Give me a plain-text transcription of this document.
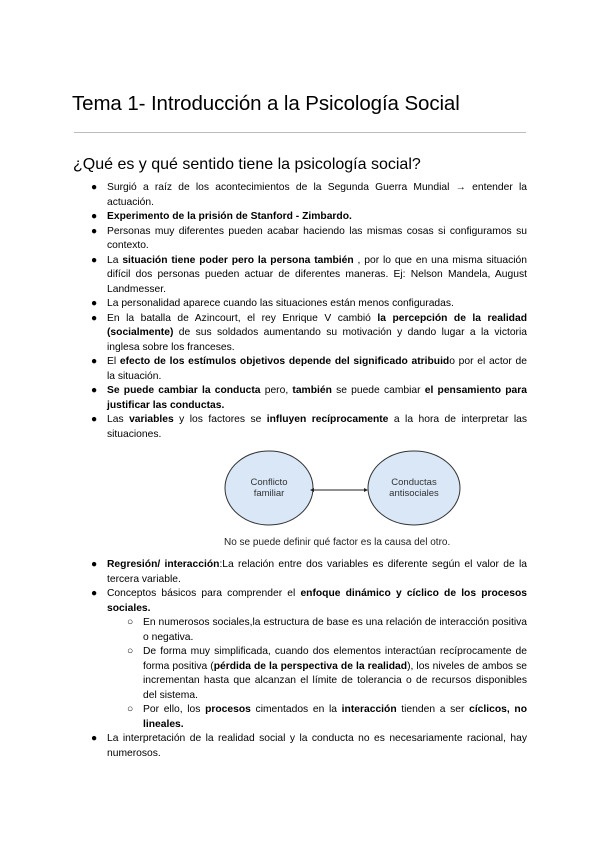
Tema 1- Introducción a la Psicología Social
¿Qué es y qué sentido tiene la psicología social?
● Surgió a raíz de los acontecimientos de la Segunda Guerra Mundial → entender la actuación.
● Experimento de la prisión de Stanford - Zimbardo.
● Personas muy diferentes pueden acabar haciendo las mismas cosas si configuramos su contexto.
● La situación tiene poder pero la persona también , por lo que en una misma situación difícil dos personas pueden actuar de diferentes maneras. Ej: Nelson Mandela, August Landmesser.
● La personalidad aparece cuando las situaciones están menos configuradas.
● En la batalla de Azincourt, el rey Enrique V cambió la percepción de la realidad (socialmente) de sus soldados aumentando su motivación y dando lugar a la victoria inglesa sobre los franceses.
● El efecto de los estímulos objetivos depende del significado atribuido por el actor de la situación.
● Se puede cambiar la conducta pero, también se puede cambiar el pensamiento para justificar las conductas.
● Las variables y los factores se influyen recíprocamente a la hora de interpretar las situaciones.
Conflicto
familiar
Conductas
antisociales
No se puede definir qué factor es la causa del otro.
● Regresión/ interacción:La relación entre dos variables es diferente según el valor de la tercera variable.
● Conceptos básicos para comprender el enfoque dinámico y cíclico de los procesos sociales.
○ En numerosos sociales,la estructura de base es una relación de interacción positiva o negativa.
○ De forma muy simplificada, cuando dos elementos interactúan recíprocamente de forma positiva (pérdida de la perspectiva de la realidad), los niveles de ambos se incrementan hasta que alcanzan el límite de tolerancia o de recursos disponibles del sistema.
○ Por ello, los procesos cimentados en la interacción tienden a ser cíclicos, no lineales.
● La interpretación de la realidad social y la conducta no es necesariamente racional, hay numerosos.
